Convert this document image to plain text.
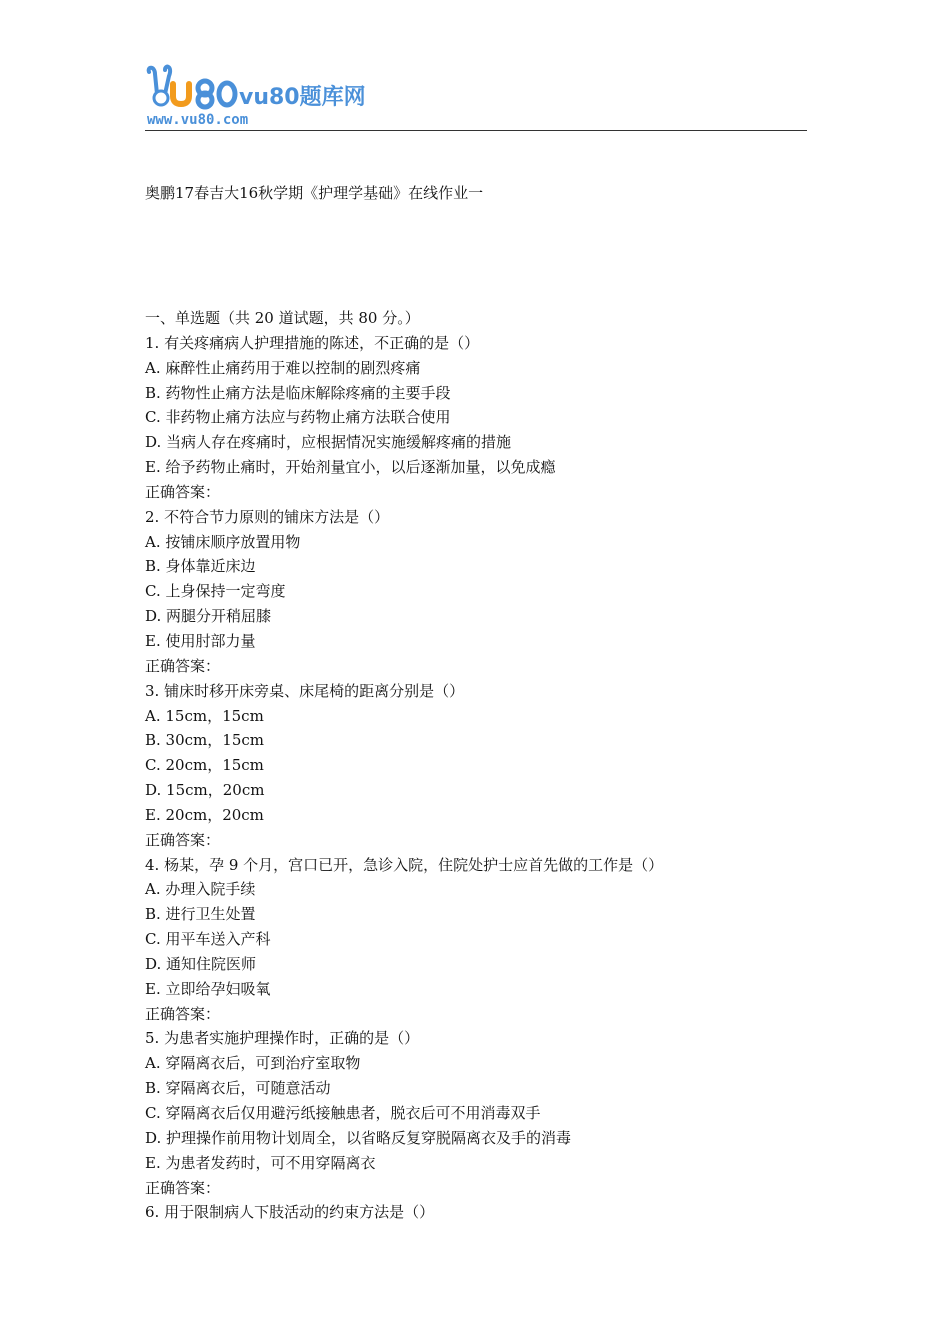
vu80题库网
www.vu80.com
奥鹏17春吉大16秋学期《护理学基础》在线作业一
一、单选题（共 20 道试题，共 80 分。）
1. 有关疼痛病人护理措施的陈述，不正确的是（）
A. 麻醉性止痛药用于难以控制的剧烈疼痛
B. 药物性止痛方法是临床解除疼痛的主要手段
C. 非药物止痛方法应与药物止痛方法联合使用
D. 当病人存在疼痛时，应根据情况实施缓解疼痛的措施
E. 给予药物止痛时，开始剂量宜小，以后逐渐加量，以免成瘾
正确答案：
2. 不符合节力原则的铺床方法是（）
A. 按铺床顺序放置用物
B. 身体靠近床边
C. 上身保持一定弯度
D. 两腿分开稍屈膝
E. 使用肘部力量
正确答案：
3. 铺床时移开床旁桌、床尾椅的距离分别是（）
A. 15cm，15cm
B. 30cm，15cm
C. 20cm，15cm
D. 15cm，20cm
E. 20cm，20cm
正确答案：
4. 杨某，孕 9 个月，宫口已开，急诊入院，住院处护士应首先做的工作是（）
A. 办理入院手续
B. 进行卫生处置
C. 用平车送入产科
D. 通知住院医师
E. 立即给孕妇吸氧
正确答案：
5. 为患者实施护理操作时，正确的是（）
A. 穿隔离衣后，可到治疗室取物
B. 穿隔离衣后，可随意活动
C. 穿隔离衣后仅用避污纸接触患者，脱衣后可不用消毒双手
D. 护理操作前用物计划周全，以省略反复穿脱隔离衣及手的消毒
E. 为患者发药时，可不用穿隔离衣
正确答案：
6. 用于限制病人下肢活动的约束方法是（）
